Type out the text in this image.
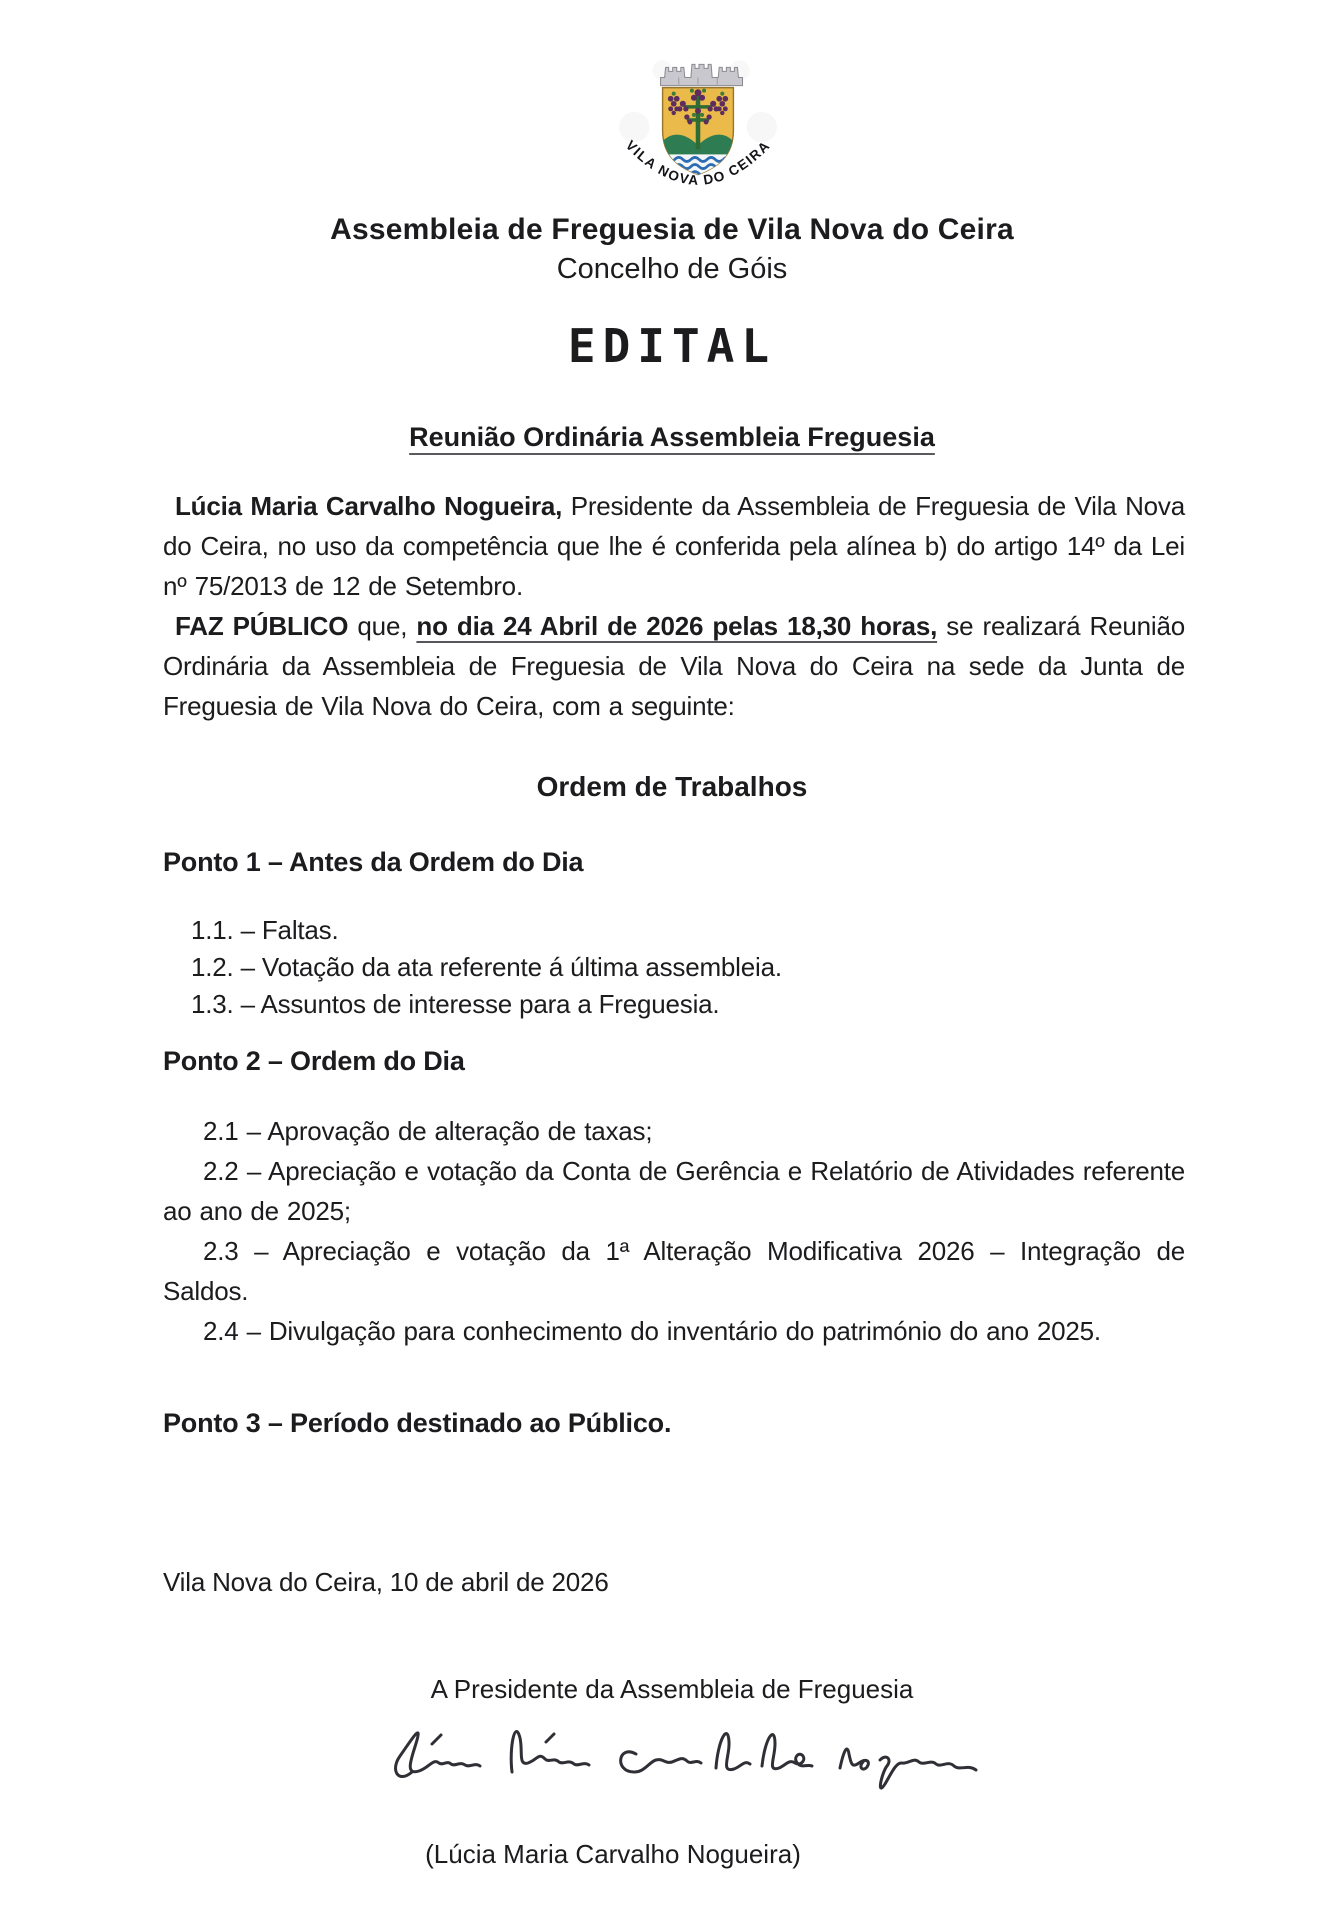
VILA NOVA DO CEIRA
Assembleia de Freguesia de Vila Nova do Ceira
Concelho de Góis
EDITAL
Reunião Ordinária Assembleia Freguesia

Lúcia Maria Carvalho Nogueira, Presidente da Assembleia de Freguesia de Vila Nova do Ceira, no uso da competência que lhe é conferida pela alínea b) do artigo 14º da Lei nº 75/2013 de 12 de Setembro.

FAZ PÚBLICO que, no dia 24 Abril de 2026 pelas 18,30 horas, se realizará Reunião Ordinária da Assembleia de Freguesia de Vila Nova do Ceira na sede da Junta de Freguesia de Vila Nova do Ceira, com a seguinte:

Ordem de Trabalhos
Ponto 1 – Antes da Ordem do Dia

1.1. – Faltas.

1.2. – Votação da ata referente á última assembleia.

1.3. – Assuntos de interesse para a Freguesia.

Ponto 2 – Ordem do Dia

2.1 – Aprovação de alteração de taxas;

2.2 – Apreciação e votação da Conta de Gerência e Relatório de Atividades referente ao ano de 2025;

2.3 – Apreciação e votação da 1ª Alteração Modificativa 2026 – Integração de Saldos.

2.4 – Divulgação para conhecimento do inventário do património do ano 2025.

Ponto 3 – Período destinado ao Público.
Vila Nova do Ceira, 10 de abril de 2026
A Presidente da Assembleia de Freguesia
(Lúcia Maria Carvalho Nogueira)
